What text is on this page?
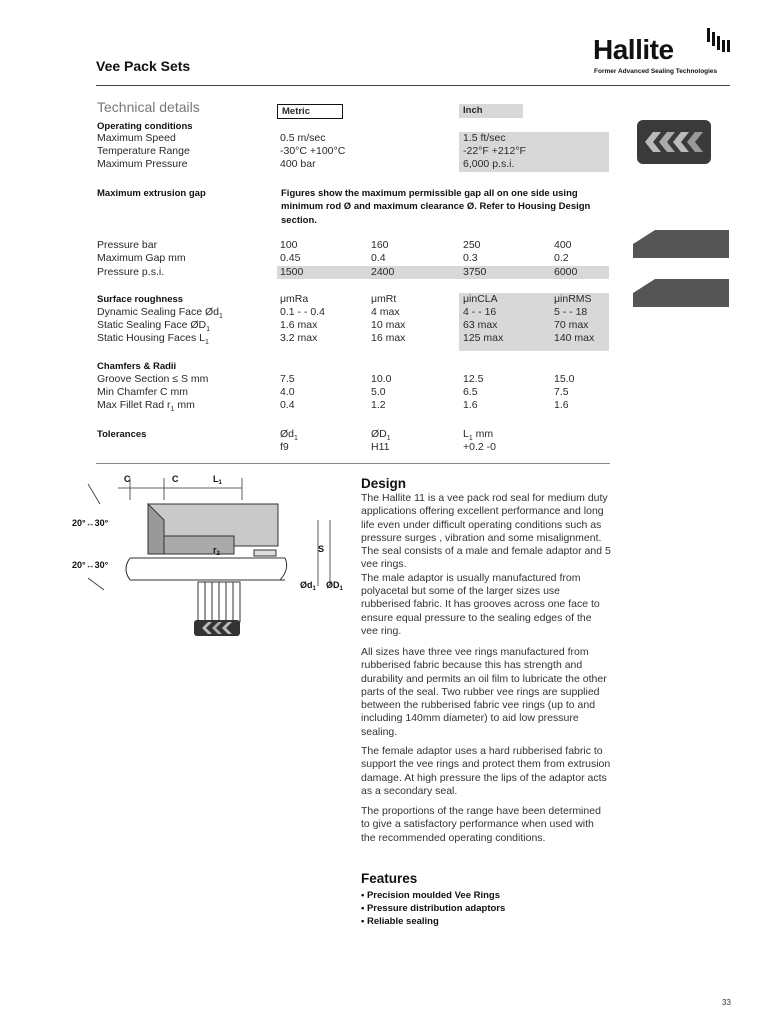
Vee Pack Sets
Hallite
Former Advanced Sealing Technologies
Technical details	Metric	Inch
Operating conditions
Maximum Speed	0.5 m/sec	1.5 ft/sec
Temperature Range	-30°C +100°C	-22°F +212°F
Maximum Pressure	400 bar	6,000 p.s.i.
Maximum extrusion gap	Figures show the maximum permissible gap all on one side using minimum rod Ø and maximum clearance Ø. Refer to Housing Design section.
Pressure bar	100	160	250	400
Maximum Gap mm	0.45	0.4	0.3	0.2
Pressure p.s.i.	1500	2400	3750	6000
Surface roughness	μmRa	μmRt	μinCLA	μinRMS
Dynamic Sealing Face $Ød_1$	0.1 - - 0.4	4 max	4 - - 16	5 - - 18
Static Sealing Face $ØD_1$	1.6 max	10 max	63 max	70 max
Static Housing Faces $L_1$	3.2 max	16 max	125 max	140 max
Chamfers & Radii
Groove Section ≤ S mm	7.5	10.0	12.5	15.0
Min Chamfer C mm	4.0	5.0	6.5	7.5
Max Fillet Rad $r_1$ mm	0.4	1.2	1.6	1.6
Tolerances	$Ød_1$	$ØD_1$	$L_1$ mm
f9	H11	+0.2 -0
C	C	$L_1$
20°↔30°
20°↔30°
$r_2$	S
$Ød_1$ $ØD_1$
Design
The Hallite 11 is a vee pack rod seal for medium duty applications offering excellent performance and long life even under difficult operating conditions such as pressure surges , vibration and some misalignment. The seal consists of a male and female adaptor and 5 vee rings.
The male adaptor is usually manufactured from polyacetal but some of the larger sizes use rubberised fabric. It has grooves across one face to ensure equal pressure to the sealing edges of the vee ring.
All sizes have three vee rings manufactured from rubberised fabric because this has strength and durability and permits an oil film to lubricate the other parts of the seal. Two rubber vee rings are supplied between the rubberised fabric vee rings (up to and including 140mm diameter) to aid low pressure sealing.
The female adaptor uses a hard rubberised fabric to support the vee rings and protect them from extrusion damage. At high pressure the lips of the adaptor acts as a secondary seal.
The proportions of the range have been determined to give a satisfactory performance when used with the recommended operating conditions.
Features
• Precision moulded Vee Rings
• Pressure distribution adaptors
• Reliable sealing
33
